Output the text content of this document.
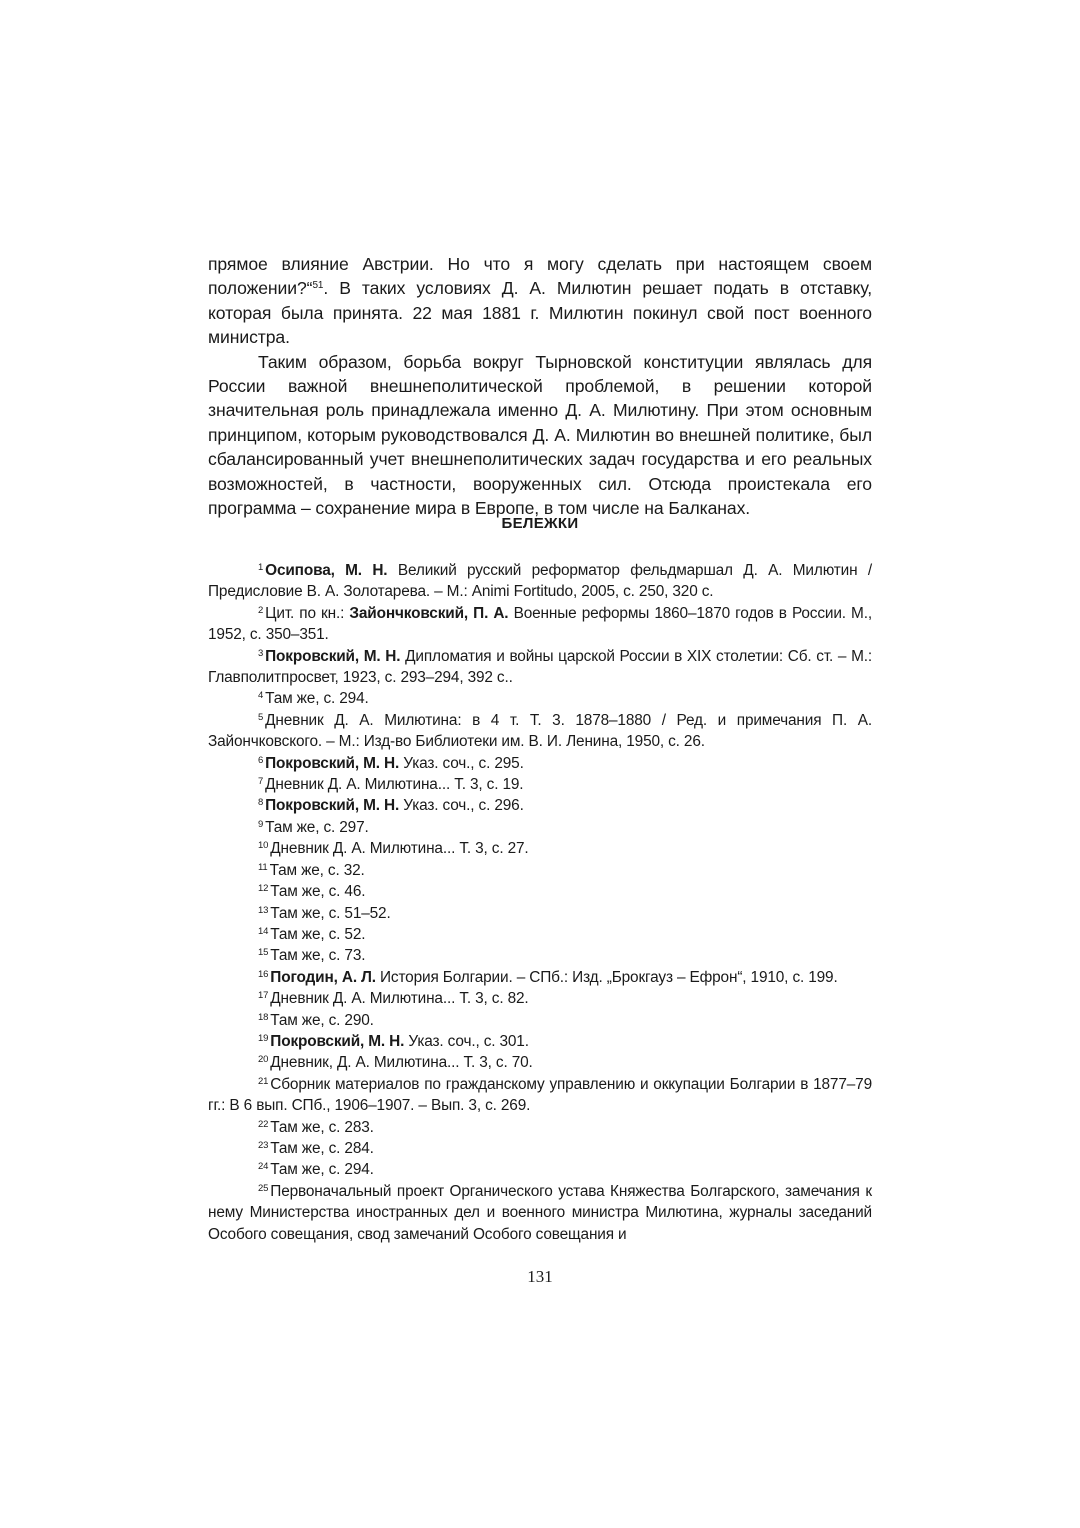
прямое влияние Австрии. Но что я могу сделать при настоящем своем положении?“$^{51}$. В таких условиях Д. А. Милютин решает подать в отставку, которая была принята. 22 мая 1881 г. Милютин покинул свой пост военного министра.

Таким образом, борьба вокруг Тырновской конституции являлась для России важной внешнеполитической проблемой, в решении которой значительная роль принадлежала именно Д. А. Милютину. При этом основным принципом, которым руководствовался Д. А. Милютин во внешней политике, был сбалансированный учет внешнеполитических задач государства и его реальных возможностей, в частности, вооруженных сил. Отсюда проистекала его программа – сохранение мира в Европе, в том числе на Балканах.

БЕЛЕЖКИ

$^1$ Осипова, М. Н. Великий русский реформатор фельдмаршал Д. А. Милютин / Предисловие В. А. Золотарева. – М.: Animi Fortitudo, 2005, с. 250, 320 с.

$^2$ Цит. по кн.: Зайончковский, П. А. Военные реформы 1860–1870 годов в России. М., 1952, с. 350–351.

$^3$ Покровский, М. Н. Дипломатия и войны царской России в XIX столетии: Сб. ст. – М.: Главполитпросвет, 1923, с. 293–294, 392 с..

$^4$ Там же, с. 294.

$^5$ Дневник Д. А. Милютина: в 4 т. Т. 3. 1878–1880 / Ред. и примечания П. А. Зайончковского. – М.: Изд-во Библиотеки им. В. И. Ленина, 1950, с. 26.

$^6$ Покровский, М. Н. Указ. соч., с. 295.

$^7$ Дневник Д. А. Милютина... Т. 3, с. 19.

$^8$ Покровский, М. Н. Указ. соч., с. 296.

$^9$ Там же, с. 297.

$^{10}$ Дневник Д. А. Милютина... Т. 3, с. 27.

$^{11}$ Там же, с. 32.

$^{12}$ Там же, с. 46.

$^{13}$ Там же, с. 51–52.

$^{14}$ Там же, с. 52.

$^{15}$ Там же, с. 73.

$^{16}$ Погодин, А. Л. История Болгарии. – СПб.: Изд. „Брокгауз – Ефрон“, 1910, с. 199.

$^{17}$ Дневник Д. А. Милютина... Т. 3, с. 82.

$^{18}$ Там же, с. 290.

$^{19}$ Покровский, М. Н. Указ. соч., с. 301.

$^{20}$ Дневник, Д. А. Милютина... Т. 3, с. 70.

$^{21}$ Сборник материалов по гражданскому управлению и оккупации Болгарии в 1877–79 гг.: В 6 вып. СПб., 1906–1907. – Вып. 3, с. 269.

$^{22}$ Там же, с. 283.

$^{23}$ Там же, с. 284.

$^{24}$ Там же, с. 294.

$^{25}$ Первоначальный проект Органического устава Княжества Болгарского, замечания к нему Министерства иностранных дел и военного министра Милютина, журналы заседаний Особого совещания, свод замечаний Особого совещания и

131
